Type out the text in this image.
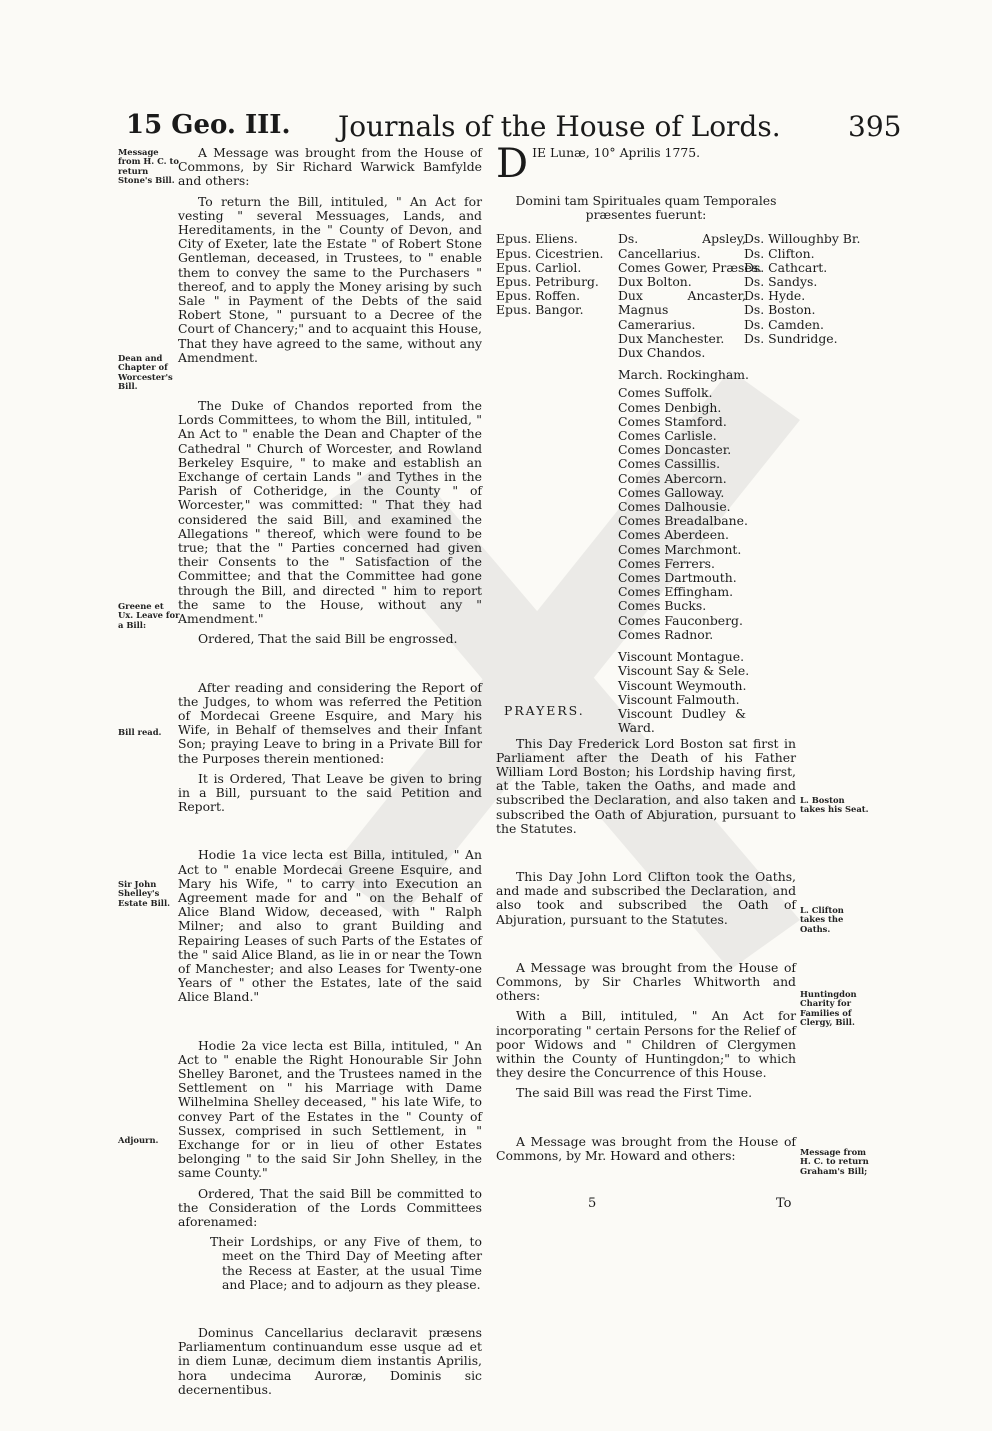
15 Geo. III. Journals of the House of Lords. 395
Message from H. C. to return Stone's Bill.
Dean and Chapter of Worcester's Bill.
Greene et Ux. Leave for a Bill:
Bill read.
Sir John Shelley's Estate Bill.
Adjourn.

A Message was brought from the House of Commons, by Sir Richard Warwick Bamfylde and others:

To return the Bill, intituled, " An Act for vesting " several Messuages, Lands, and Hereditaments, in the " County of Devon, and City of Exeter, late the Estate " of Robert Stone Gentleman, deceased, in Trustees, to " enable them to convey the same to the Purchasers " thereof, and to apply the Money arising by such Sale " in Payment of the Debts of the said Robert Stone, " pursuant to a Decree of the Court of Chancery;" and to acquaint this House, That they have agreed to the same, without any Amendment.

The Duke of Chandos reported from the Lords Committees, to whom the Bill, intituled, " An Act to " enable the Dean and Chapter of the Cathedral " Church of Worcester, and Rowland Berkeley Esquire, " to make and establish an Exchange of certain Lands " and Tythes in the Parish of Cotheridge, in the County " of Worcester," was committed: " That they had considered the said Bill, and examined the Allegations " thereof, which were found to be true; that the " Parties concerned had given their Consents to the " Satisfaction of the Committee; and that the Committee had gone through the Bill, and directed " him to report the same to the House, without any " Amendment."

Ordered, That the said Bill be engrossed.

After reading and considering the Report of the Judges, to whom was referred the Petition of Mordecai Greene Esquire, and Mary his Wife, in Behalf of themselves and their Infant Son; praying Leave to bring in a Private Bill for the Purposes therein mentioned:

It is Ordered, That Leave be given to bring in a Bill, pursuant to the said Petition and Report.

Hodie 1a vice lecta est Billa, intituled, " An Act to " enable Mordecai Greene Esquire, and Mary his Wife, " to carry into Execution an Agreement made for and " on the Behalf of Alice Bland Widow, deceased, with " Ralph Milner; and also to grant Building and Repairing Leases of such Parts of the Estates of the " said Alice Bland, as lie in or near the Town of Manchester; and also Leases for Twenty-one Years of " other the Estates, late of the said Alice Bland."

Hodie 2a vice lecta est Billa, intituled, " An Act to " enable the Right Honourable Sir John Shelley Baronet, and the Trustees named in the Settlement on " his Marriage with Dame Wilhelmina Shelley deceased, " his late Wife, to convey Part of the Estates in the " County of Sussex, comprised in such Settlement, in " Exchange for or in lieu of other Estates belonging " to the said Sir John Shelley, in the same County."

Ordered, That the said Bill be committed to the Consideration of the Lords Committees aforenamed:

Their Lordships, or any Five of them, to meet on the Third Day of Meeting after the Recess at Easter, at the usual Time and Place; and to adjourn as they please.

Dominus Cancellarius declaravit præsens Parliamentum continuandum esse usque ad et in diem Lunæ, decimum diem instantis Aprilis, hora undecima Auroræ, Dominis sic decernentibus.

D IE Lunæ, 10° Aprilis 1775.
Domini tam Spirituales quam Temporales præsentes fuerunt:
Epus. Eliens.
Epus. Cicestrien.
Epus. Carliol.
Epus. Petriburg.
Epus. Roffen.
Epus. Bangor.
Ds. Apsley, Cancellarius.
Comes Gower, Præses.
Dux Bolton.
Dux Ancaster, Magnus Camerarius.
Dux Manchester.
Dux Chandos.
March. Rockingham.
Comes Suffolk.
Comes Denbigh.
Comes Stamford.
Comes Carlisle.
Comes Doncaster.
Comes Cassillis.
Comes Abercorn.
Comes Galloway.
Comes Dalhousie.
Comes Breadalbane.
Comes Aberdeen.
Comes Marchmont.
Comes Ferrers.
Comes Dartmouth.
Comes Effingham.
Comes Bucks.
Comes Fauconberg.
Comes Radnor.
Viscount Montague.
Viscount Say & Sele.
Viscount Weymouth.
Viscount Falmouth.
Viscount Dudley & Ward.
Ds. Willoughby Br.
Ds. Clifton.
Ds. Cathcart.
Ds. Sandys.
Ds. Hyde.
Ds. Boston.
Ds. Camden.
Ds. Sundridge.
PRAYERS.

This Day Frederick Lord Boston sat first in Parliament after the Death of his Father William Lord Boston; his Lordship having first, at the Table, taken the Oaths, and made and subscribed the Declaration, and also taken and subscribed the Oath of Abjuration, pursuant to the Statutes.

This Day John Lord Clifton took the Oaths, and made and subscribed the Declaration, and also took and subscribed the Oath of Abjuration, pursuant to the Statutes.

A Message was brought from the House of Commons, by Sir Charles Whitworth and others:

With a Bill, intituled, " An Act for incorporating " certain Persons for the Relief of poor Widows and " Children of Clergymen within the County of Huntingdon;" to which they desire the Concurrence of this House.

The said Bill was read the First Time.

A Message was brought from the House of Commons, by Mr. Howard and others:

L. Boston takes his Seat.
L. Clifton takes the Oaths.
Huntingdon Charity for Families of Clergy, Bill.
Message from H. C. to return Graham's Bill;
5	To
